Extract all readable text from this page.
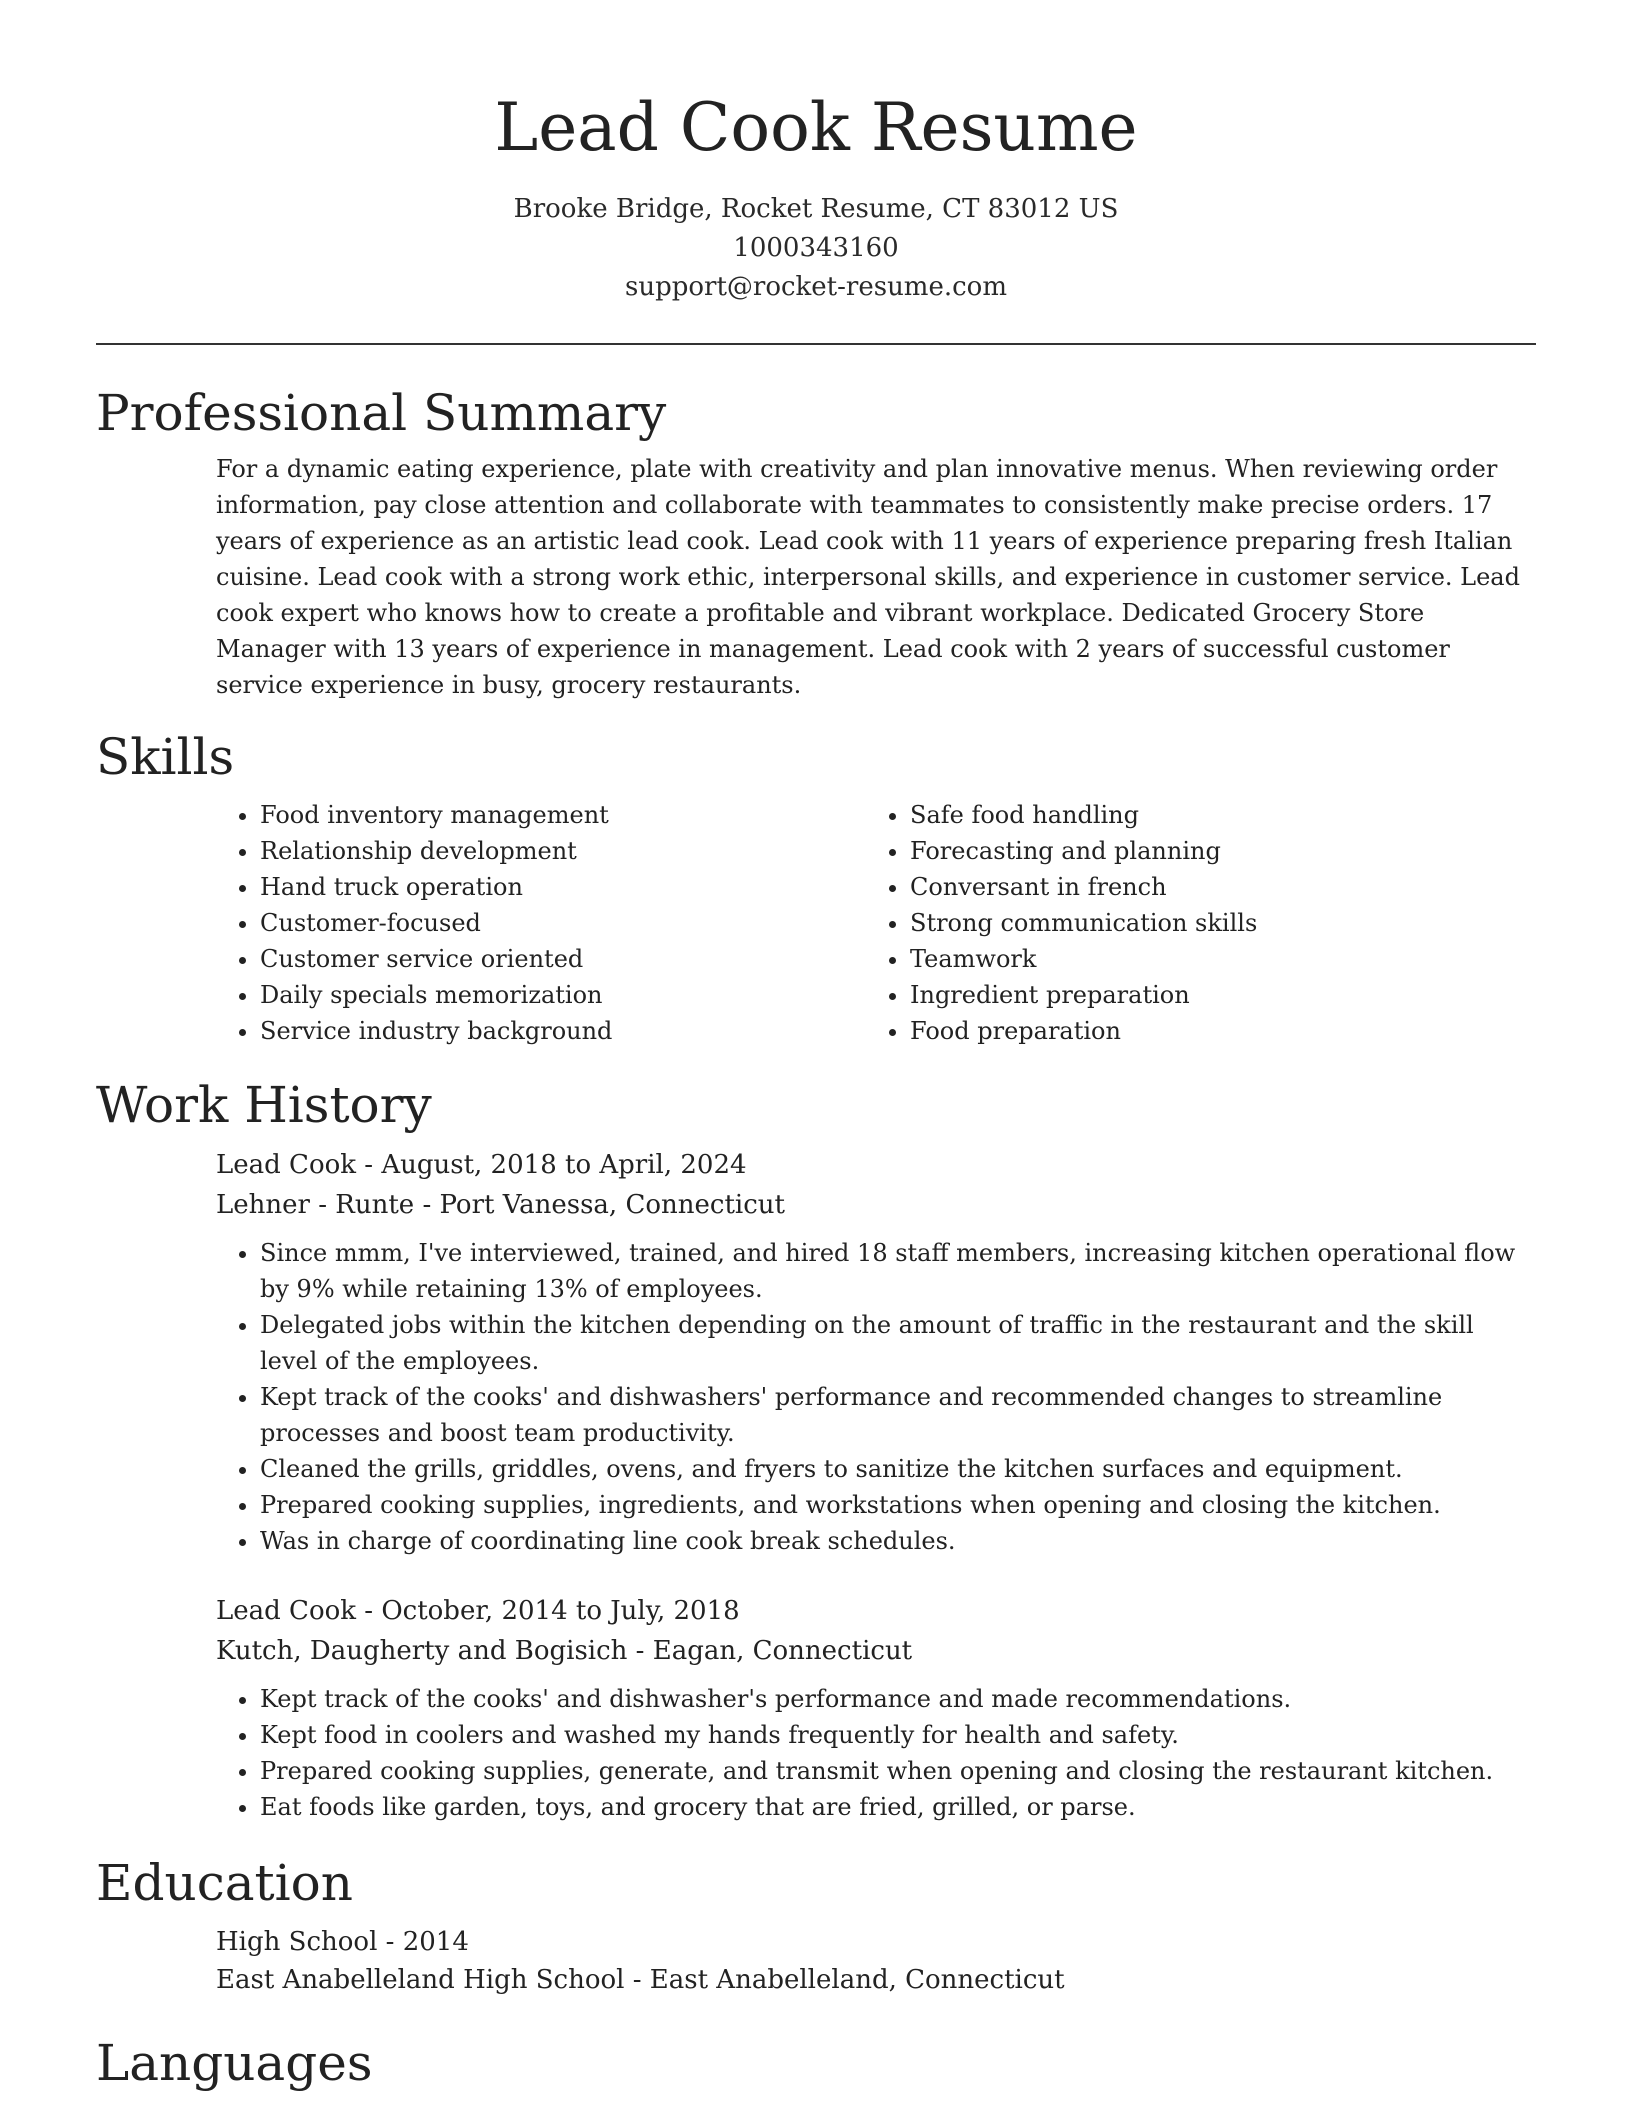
Lead Cook Resume
Brooke Bridge, Rocket Resume, CT 83012 US
1000343160
support@rocket-resume.com
Professional Summary

For a dynamic eating experience, plate with creativity and plan innovative menus. When reviewing order information, pay close attention and collaborate with teammates to consistently make precise orders. 17 years of experience as an artistic lead cook. Lead cook with 11 years of experience preparing fresh Italian cuisine. Lead cook with a strong work ethic, interpersonal skills, and experience in customer service. Lead cook expert who knows how to create a profitable and vibrant workplace. Dedicated Grocery Store Manager with 13 years of experience in management. Lead cook with 2 years of successful customer service experience in busy, grocery restaurants.

Skills
• Food inventory management
• Relationship development
• Hand truck operation
• Customer-focused
• Customer service oriented
• Daily specials memorization
• Service industry background
• Safe food handling
• Forecasting and planning
• Conversant in french
• Strong communication skills
• Teamwork
• Ingredient preparation
• Food preparation
Work History

Lead Cook - August, 2018 to April, 2024

Lehner - Runte - Port Vanessa, Connecticut

• Since mmm, I've interviewed, trained, and hired 18 staff members, increasing kitchen operational flow by 9% while retaining 13% of employees.
• Delegated jobs within the kitchen depending on the amount of traffic in the restaurant and the skill level of the employees.
• Kept track of the cooks' and dishwashers' performance and recommended changes to streamline processes and boost team productivity.
• Cleaned the grills, griddles, ovens, and fryers to sanitize the kitchen surfaces and equipment.
• Prepared cooking supplies, ingredients, and workstations when opening and closing the kitchen.
• Was in charge of coordinating line cook break schedules.

Lead Cook - October, 2014 to July, 2018

Kutch, Daugherty and Bogisich - Eagan, Connecticut

• Kept track of the cooks' and dishwasher's performance and made recommendations.
• Kept food in coolers and washed my hands frequently for health and safety.
• Prepared cooking supplies, generate, and transmit when opening and closing the restaurant kitchen.
• Eat foods like garden, toys, and grocery that are fried, grilled, or parse.
Education

High School - 2014

East Anabelleland High School - East Anabelleland, Connecticut

Languages
